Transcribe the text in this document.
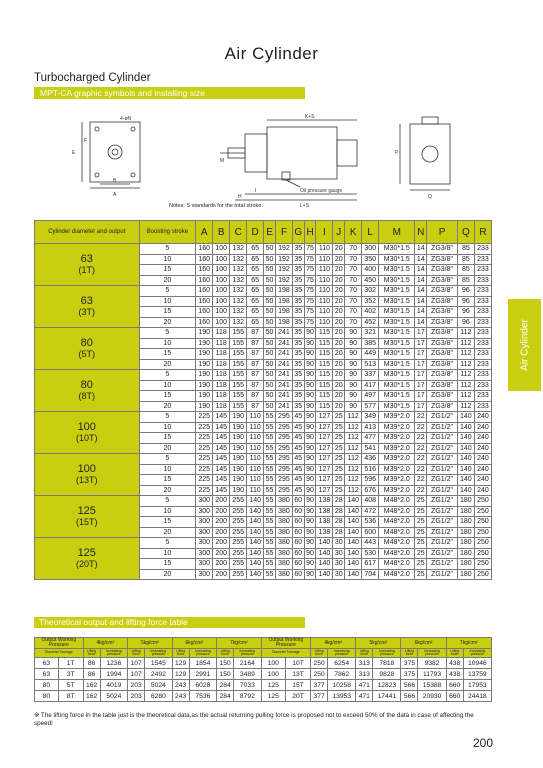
Air Cylinder
Turbocharged Cylinder
MPT-CA graphic symbols and installing size
4-øN
E
F
A
B
K+S
M
H
I	Oil pressure gauge
L+S
P
Q
Notes: S standards for the total stroke.
Air Cylinder
Cylinder diameter and output	Boosting stroke	A	B	C	D	E	F	G	H	I	J	K	L	M	N	P	Q	R
63

(1T)	5	160	100	132	65	50	192	35	75	110	20	70	300	M30*1.5	14	ZG3/8"	85	233
	10	160	100	132	65	50	192	35	75	110	20	70	350	M30*1.5	14	ZG3/8"	85	233
	15	160	100	132	65	50	192	35	75	110	20	70	400	M30*1.5	14	ZG3/8"	85	233
	20	160	100	132	65	50	192	35	75	110	20	70	450	M30*1.5	14	ZG3/8"	85	233
63

(3T)	5	160	100	132	65	50	198	35	75	110	20	70	302	M30*1.5	14	ZG3/8"	96	233
	10	160	100	132	65	50	198	35	75	110	20	70	352	M30*1.5	14	ZG3/8"	96	233
	15	160	100	132	65	50	198	35	75	110	20	70	402	M30*1.5	14	ZG3/8"	96	233
	20	160	100	132	65	50	198	35	75	110	20	70	452	M30*1.5	14	ZG3/8"	96	233
80

(5T)	5	190	118	155	87	50	241	35	90	115	20	90	321	M30*1.5	17	ZG3/8"	112	233
	10	190	118	155	87	50	241	35	90	115	20	90	385	M30*1.5	17	ZG3/8"	112	233
	15	190	118	155	87	50	241	35	90	115	20	90	449	M30*1.5	17	ZG3/8"	112	233
	20	190	118	155	87	50	241	35	90	115	20	90	513	M30*1.5	17	ZG3/8"	112	233
80

(8T)	5	190	118	155	87	50	241	35	90	115	20	90	337	M30*1.5	17	ZG3/8"	112	233
	10	190	118	155	87	50	241	35	90	115	20	90	417	M30*1.5	17	ZG3/8"	112	233
	15	190	118	155	87	50	241	35	90	115	20	90	497	M30*1.5	17	ZG3/8"	112	233
	20	190	118	155	87	50	241	35	90	115	20	90	577	M30*1.5	17	ZG3/8"	112	233
100

(10T)	5	225	145	190	110	55	295	45	90	127	25	112	349	M39*2.0	22	ZG1/2"	140	240
	10	225	145	190	110	55	295	45	90	127	25	112	413	M39*2.0	22	ZG1/2"	140	240
	15	225	145	190	110	55	295	45	90	127	25	112	477	M39*2.0	22	ZG1/2"	140	240
	20	225	145	190	110	55	295	45	90	127	25	112	541	M39*2.0	22	ZG1/2"	140	240
100

(13T)	5	225	145	190	110	55	295	45	90	127	25	112	436	M39*2.0	22	ZG1/2"	140	240
	10	225	145	190	110	55	295	45	90	127	25	112	516	M39*2.0	22	ZG1/2"	140	240
	15	225	145	190	110	55	295	45	90	127	25	112	596	M39*2.0	22	ZG1/2"	140	240
	20	225	145	190	110	55	295	45	90	127	25	112	676	M39*2.0	22	ZG1/2"	140	240
125

(15T)	5	300	200	255	140	55	380	60	90	138	28	140	408	M48*2.0	25	ZG1/2"	180	250
	10	300	200	255	140	55	380	60	90	138	28	140	472	M48*2.0	25	ZG1/2"	180	250
	15	300	200	255	140	55	380	60	90	138	28	140	536	M48*2.0	25	ZG1/2"	180	250
	20	300	200	255	140	55	380	60	90	138	28	140	600	M48*2.0	25	ZG1/2"	180	250
125

(20T)	5	300	200	255	140	55	380	60	90	140	30	140	443	M48*2.0	25	ZG1/2"	180	250
	10	300	200	255	140	55	380	60	90	140	30	140	530	M48*2.0	25	ZG1/2"	180	250
	15	300	200	255	140	55	380	60	90	140	30	140	617	M48*2.0	25	ZG1/2"	180	250
	20	300	200	255	140	55	380	60	90	140	30	140	704	M48*2.0	25	ZG1/2"	180	250
Theoretical output and lifting force table
Output Working Pressure		4kg/cm²		5kg/cm²		6kg/cm²		7kg/cm²		Output Working Pressure		4kg/cm²		5kg/cm²		6kg/cm²		7kg/cm²	
Diameter Tonnage		Lifting force	Increasing pressure	Lifting force	Increasing pressure	Lifting force	Increasing pressure	Lifting force	Increasing pressure	Diameter Tonnage		Lifting force	Increasing pressure	Lifting force	Increasing pressure	Lifting force	Increasing pressure	Lifting force	Increasing pressure
63	1T	86	1236	107	1545	129	1854	150	2164	100	10T	250	6254	313	7818	375	9382	438	10946
63	3T	86	1994	107	2492	129	2991	150	3489	100	13T	250	7862	313	9828	375	11793	438	13759
80	5T	162	4019	203	5024	243	6028	284	7033	125	15T	377	10258	471	12823	566	15388	660	17953
80	8T	162	5024	203	6280	243	7536	284	8792	125	20T	377	13953	471	17441	566	20930	660	24418
※ The lifting force in the table just is the theoretical data,as the actual returning pulling force is proposed not to exceed 50% of the data in case of affecting the speed!
200
